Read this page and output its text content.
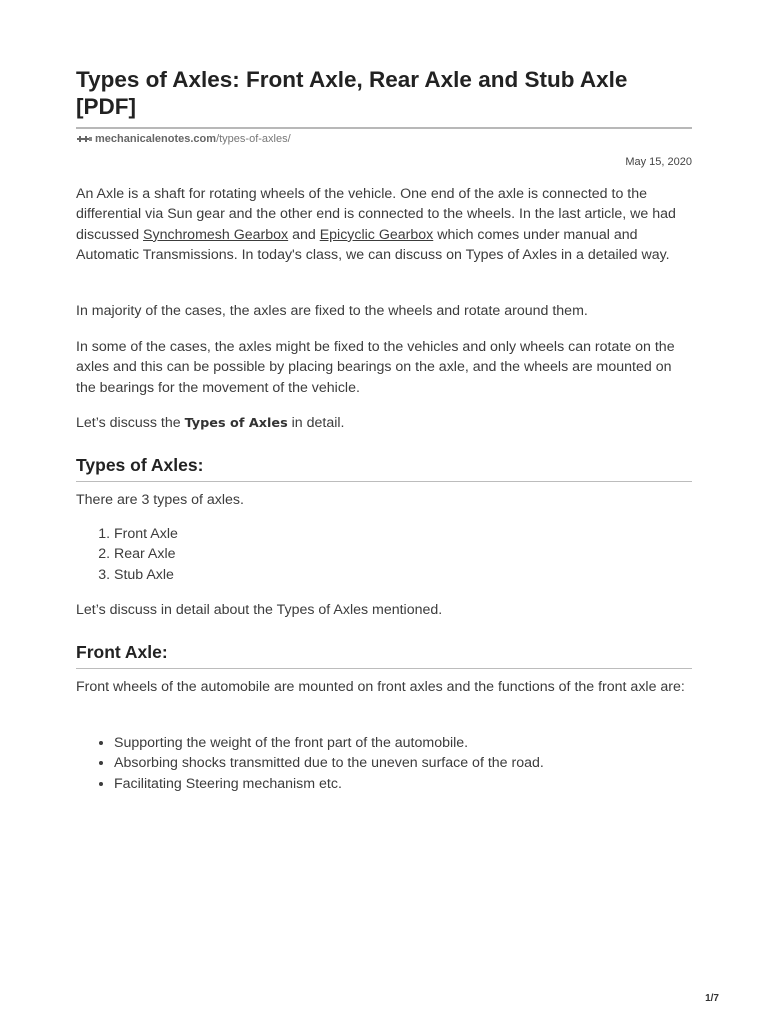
Types of Axles: Front Axle, Rear Axle and Stub Axle [PDF]
mechanicalenotes.com /types-of-axles/
May 15, 2020

An Axle is a shaft for rotating wheels of the vehicle. One end of the axle is connected to the differential via Sun gear and the other end is connected to the wheels. In the last article, we had discussed Synchromesh Gearbox and Epicyclic Gearbox which comes under manual and Automatic Transmissions. In today's class, we can discuss on Types of Axles in a detailed way.

In majority of the cases, the axles are fixed to the wheels and rotate around them.

In some of the cases, the axles might be fixed to the vehicles and only wheels can rotate on the axles and this can be possible by placing bearings on the axle, and the wheels are mounted on the bearings for the movement of the vehicle.

Let’s discuss the Types of Axles in detail.

Types of Axles:

There are 3 types of axles.

1. Front Axle
2. Rear Axle
3. Stub Axle

Let’s discuss in detail about the Types of Axles mentioned.

Front Axle:

Front wheels of the automobile are mounted on front axles and the functions of the front axle are:

• Supporting the weight of the front part of the automobile.
• Absorbing shocks transmitted due to the uneven surface of the road.
• Facilitating Steering mechanism etc.
1/7
